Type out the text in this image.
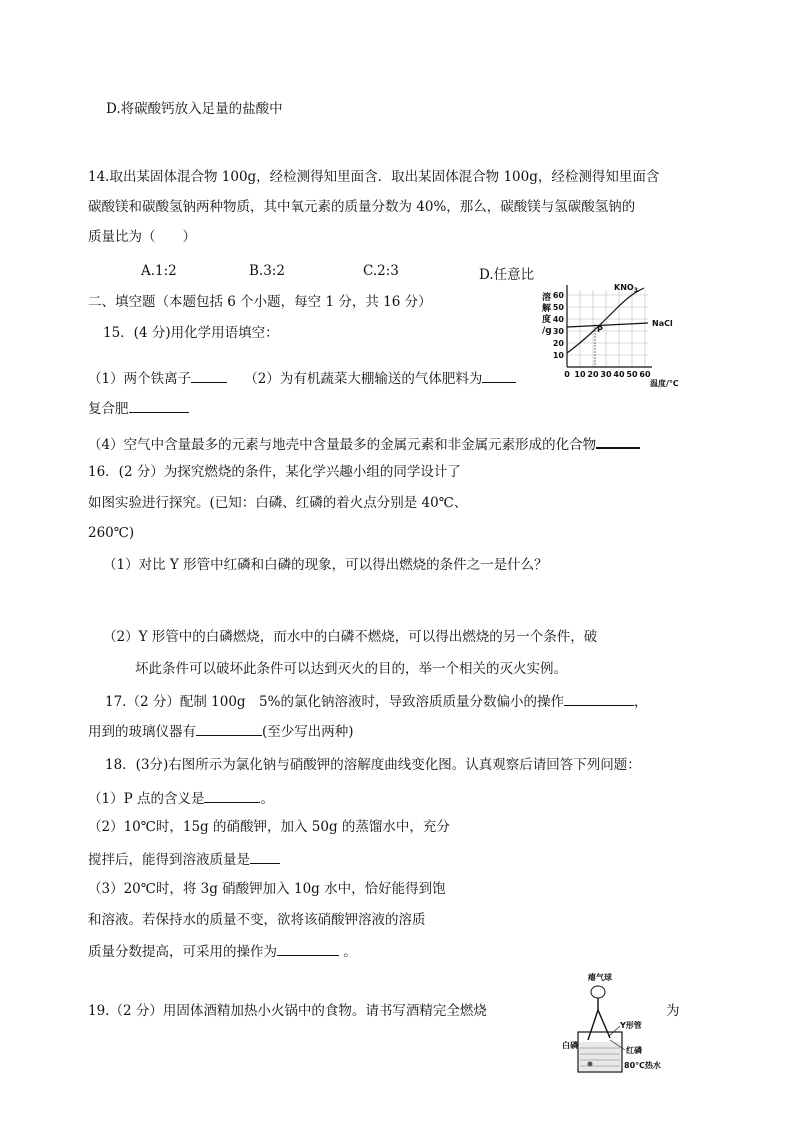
D.将碳酸钙放入足量的盐酸中
14.取出某固体混合物 100g，经检测得知里面含．取出某固体混合物 100g，经检测得知里面含
碳酸镁和碳酸氢钠两种物质，其中氧元素的质量分数为 40%，那么，碳酸镁与氢碳酸氢钠的
质量比为（　　）
A.1:2	B.3:2	C.2:3	D.任意比
二、填空题（本题包括 6 个小题，每空 1 分，共 16 分）
15．(4 分)用化学用语填空：
（1）两个铁离子	（2）为有机蔬菜大棚输送的气体肥料为
复合肥
（4）空气中含量最多的元素与地壳中含量最多的金属元素和非金属元素形成的化合物
16．(2 分）为探究燃烧的条件，某化学兴趣小组的同学设计了
如图实验进行探究。(已知：白磷、红磷的着火点分别是 40℃、
260℃)
（1）对比 Y 形管中红磷和白磷的现象，可以得出燃烧的条件之一是什么？
（2）Y 形管中的白磷燃烧，而水中的白磷不燃烧，可以得出燃烧的另一个条件，破
坏此条件可以破坏此条件可以达到灭火的目的，举一个相关的灭火实例。
17.（2 分）配制 100g　5%的氯化钠溶液时，导致溶质质量分数偏小的操作	，
用到的玻璃仪器有	(至少写出两种)
18．(3分)右图所示为氯化钠与硝酸钾的溶解度曲线变化图。认真观察后请回答下列问题：
（1）P 点的含义是	。
（2）10℃时，15g 的硝酸钾，加入 50g 的蒸馏水中，充分
搅拌后，能得到溶液质量是
（3）20℃时，将 3g 硝酸钾加入 10g 水中，恰好能得到饱
和溶液。若保持水的质量不变，欲将该硝酸钾溶液的溶质
质量分数提高，可采用的操作为	。
19.（2 分）用固体酒精加热小火锅中的食物。请书写酒精完全燃烧	为
溶
解
度
/g
60
50
40
30
20
10
P
$KNO_3$
NaCl
0 10 20 30 40 50 60
温度/℃
瘪气球
Y形管
白磷
红磷
80℃热水
